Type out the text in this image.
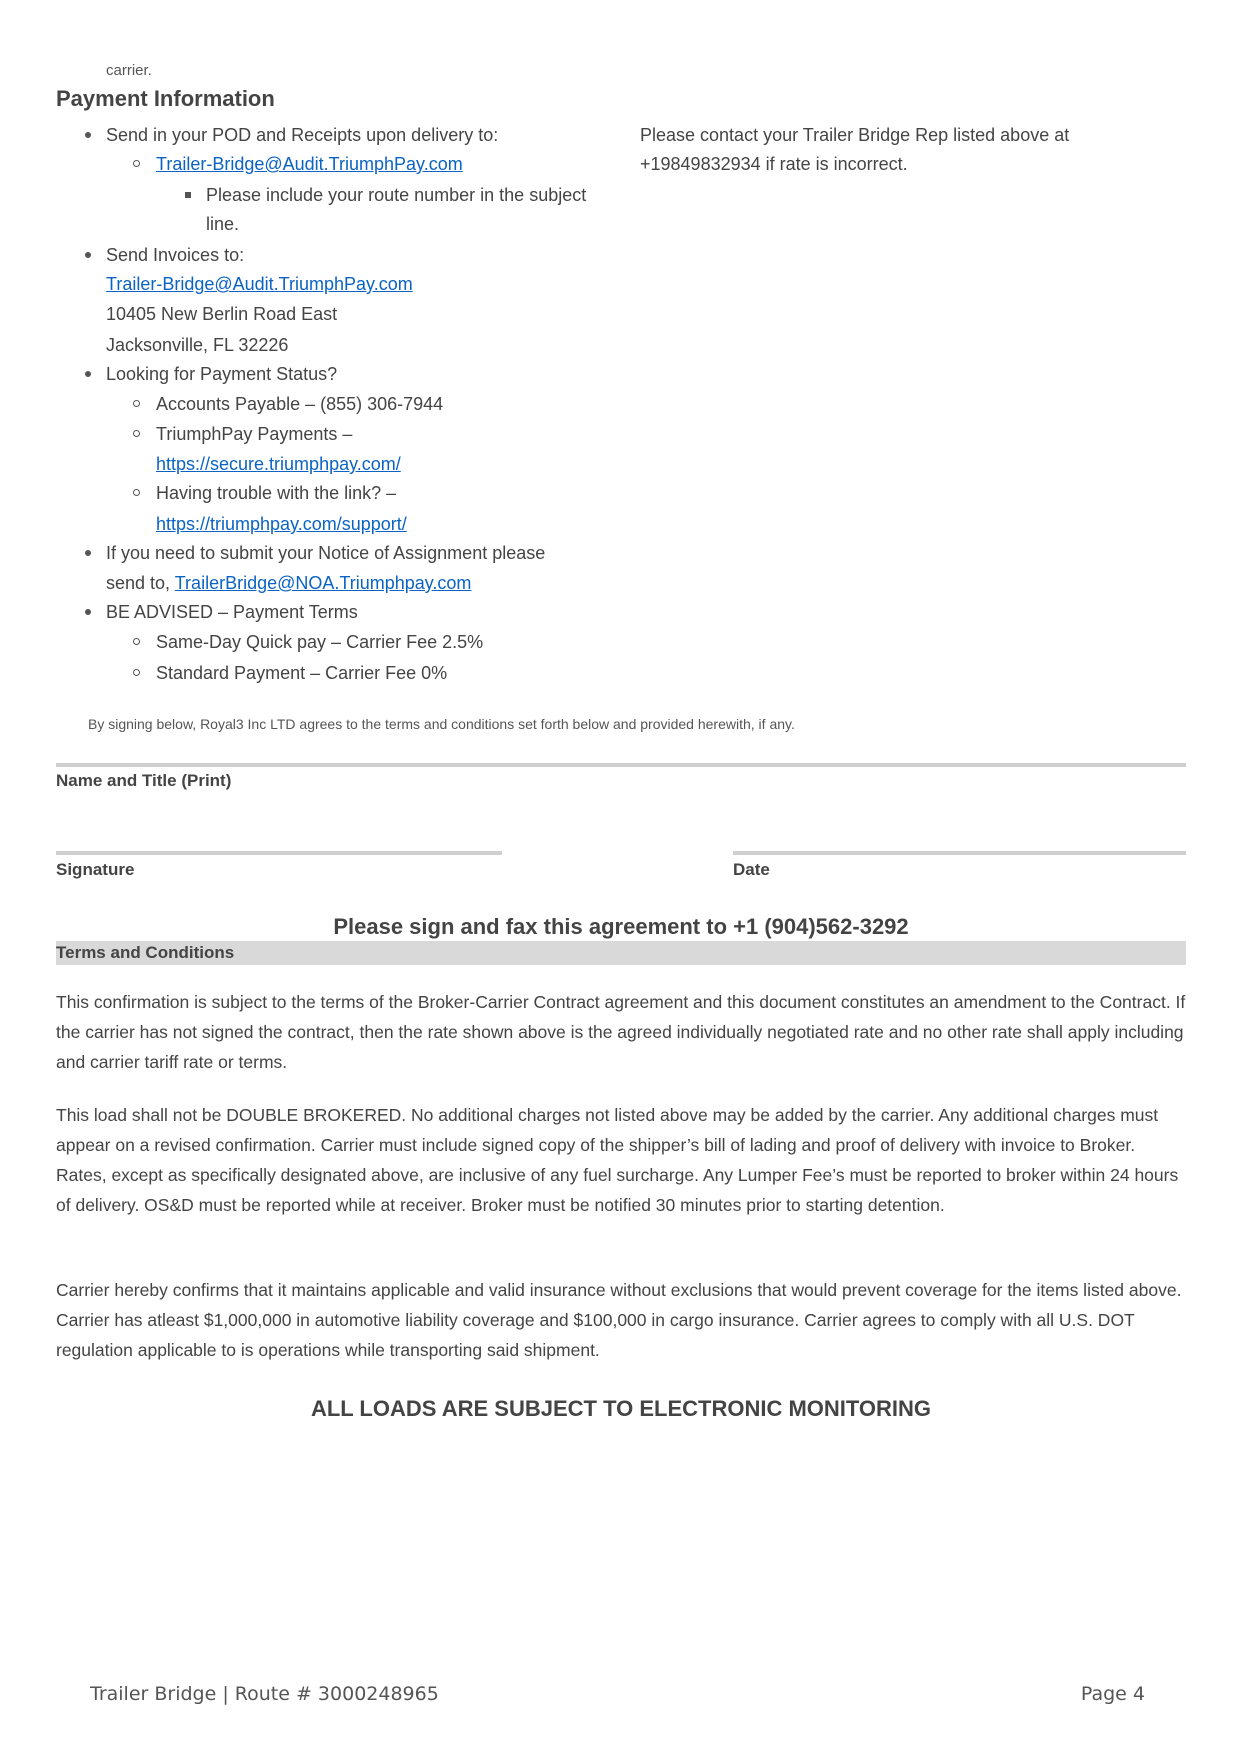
carrier.
Payment Information
Send in your POD and Receipts upon delivery to:
Trailer-Bridge@Audit.TriumphPay.com
Please include your route number in the subject
line.
Send Invoices to:
Trailer-Bridge@Audit.TriumphPay.com
10405 New Berlin Road East
Jacksonville, FL 32226
Looking for Payment Status?
Accounts Payable – (855) 306-7944
TriumphPay Payments –
https://secure.triumphpay.com/
Having trouble with the link? –
https://triumphpay.com/support/
If you need to submit your Notice of Assignment please
send to, TrailerBridge@NOA.Triumphpay.com
BE ADVISED – Payment Terms
Same-Day Quick pay – Carrier Fee 2.5%
Standard Payment – Carrier Fee 0%
Please contact your Trailer Bridge Rep listed above at
+19849832934 if rate is incorrect.
By signing below, Royal3 Inc LTD agrees to the terms and conditions set forth below and provided herewith, if any.
Name and Title (Print)
Signature	Date
Please sign and fax this agreement to +1 (904)562-3292
Terms and Conditions
This confirmation is subject to the terms of the Broker-Carrier Contract agreement and this document constitutes an amendment to the Contract. If the carrier has not signed the contract, then the rate shown above is the agreed individually negotiated rate and no other rate shall apply including and carrier tariff rate or terms.
This load shall not be DOUBLE BROKERED. No additional charges not listed above may be added by the carrier. Any additional charges must appear on a revised confirmation. Carrier must include signed copy of the shipper’s bill of lading and proof of delivery with invoice to Broker. Rates, except as specifically designated above, are inclusive of any fuel surcharge. Any Lumper Fee’s must be reported to broker within 24 hours of delivery. OS&D must be reported while at receiver. Broker must be notified 30 minutes prior to starting detention.
Carrier hereby confirms that it maintains applicable and valid insurance without exclusions that would prevent coverage for the items listed above. Carrier has atleast $1,000,000 in automotive liability coverage and $100,000 in cargo insurance. Carrier agrees to comply with all U.S. DOT regulation applicable to is operations while transporting said shipment.
ALL LOADS ARE SUBJECT TO ELECTRONIC MONITORING
Trailer Bridge | Route # 3000248965	Page 4
